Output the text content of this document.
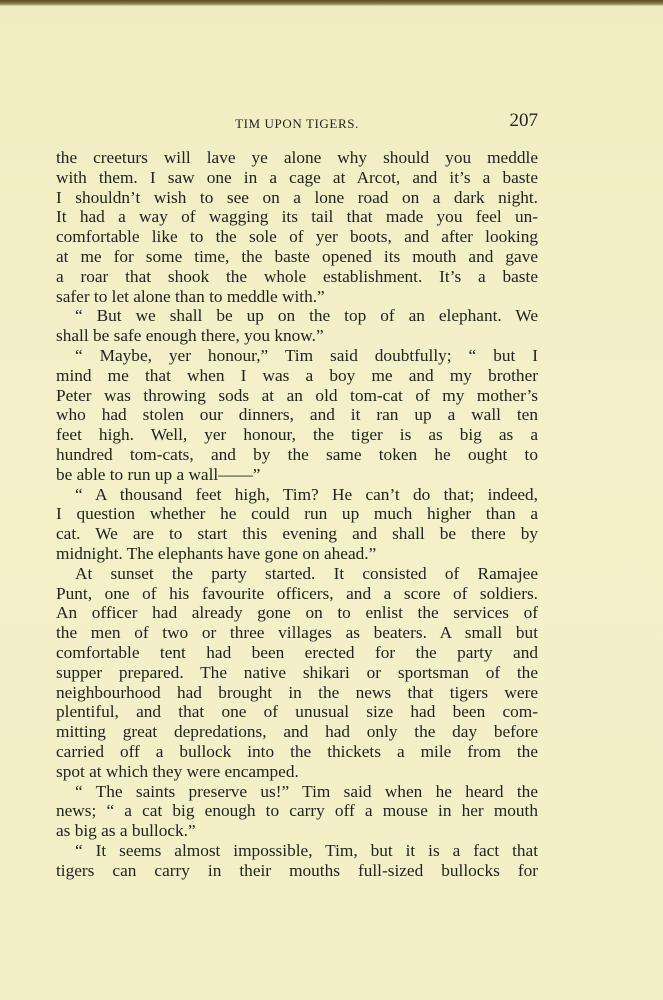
TIM UPON TIGERS.	207
the creeturs will lave ye alone why should you meddle
with them. I saw one in a cage at Arcot, and it’s a baste
I shouldn’t wish to see on a lone road on a dark night.
It had a way of wagging its tail that made you feel un-
comfortable like to the sole of yer boots, and after looking
at me for some time, the baste opened its mouth and gave
a roar that shook the whole establishment. It’s a baste
safer to let alone than to meddle with.”
“ But we shall be up on the top of an elephant. We
shall be safe enough there, you know.”
“ Maybe, yer honour,” Tim said doubtfully; “ but I
mind me that when I was a boy me and my brother
Peter was throwing sods at an old tom-cat of my mother’s
who had stolen our dinners, and it ran up a wall ten
feet high. Well, yer honour, the tiger is as big as a
hundred tom-cats, and by the same token he ought to
be able to run up a wall——”
“ A thousand feet high, Tim? He can’t do that; indeed,
I question whether he could run up much higher than a
cat. We are to start this evening and shall be there by
midnight. The elephants have gone on ahead.”
At sunset the party started. It consisted of Ramajee
Punt, one of his favourite officers, and a score of soldiers.
An officer had already gone on to enlist the services of
the men of two or three villages as beaters. A small but
comfortable tent had been erected for the party and
supper prepared. The native shikari or sportsman of the
neighbourhood had brought in the news that tigers were
plentiful, and that one of unusual size had been com-
mitting great depredations, and had only the day before
carried off a bullock into the thickets a mile from the
spot at which they were encamped.
“ The saints preserve us!” Tim said when he heard the
news; “ a cat big enough to carry off a mouse in her mouth
as big as a bullock.”
“ It seems almost impossible, Tim, but it is a fact that
tigers can carry in their mouths full-sized bullocks for
